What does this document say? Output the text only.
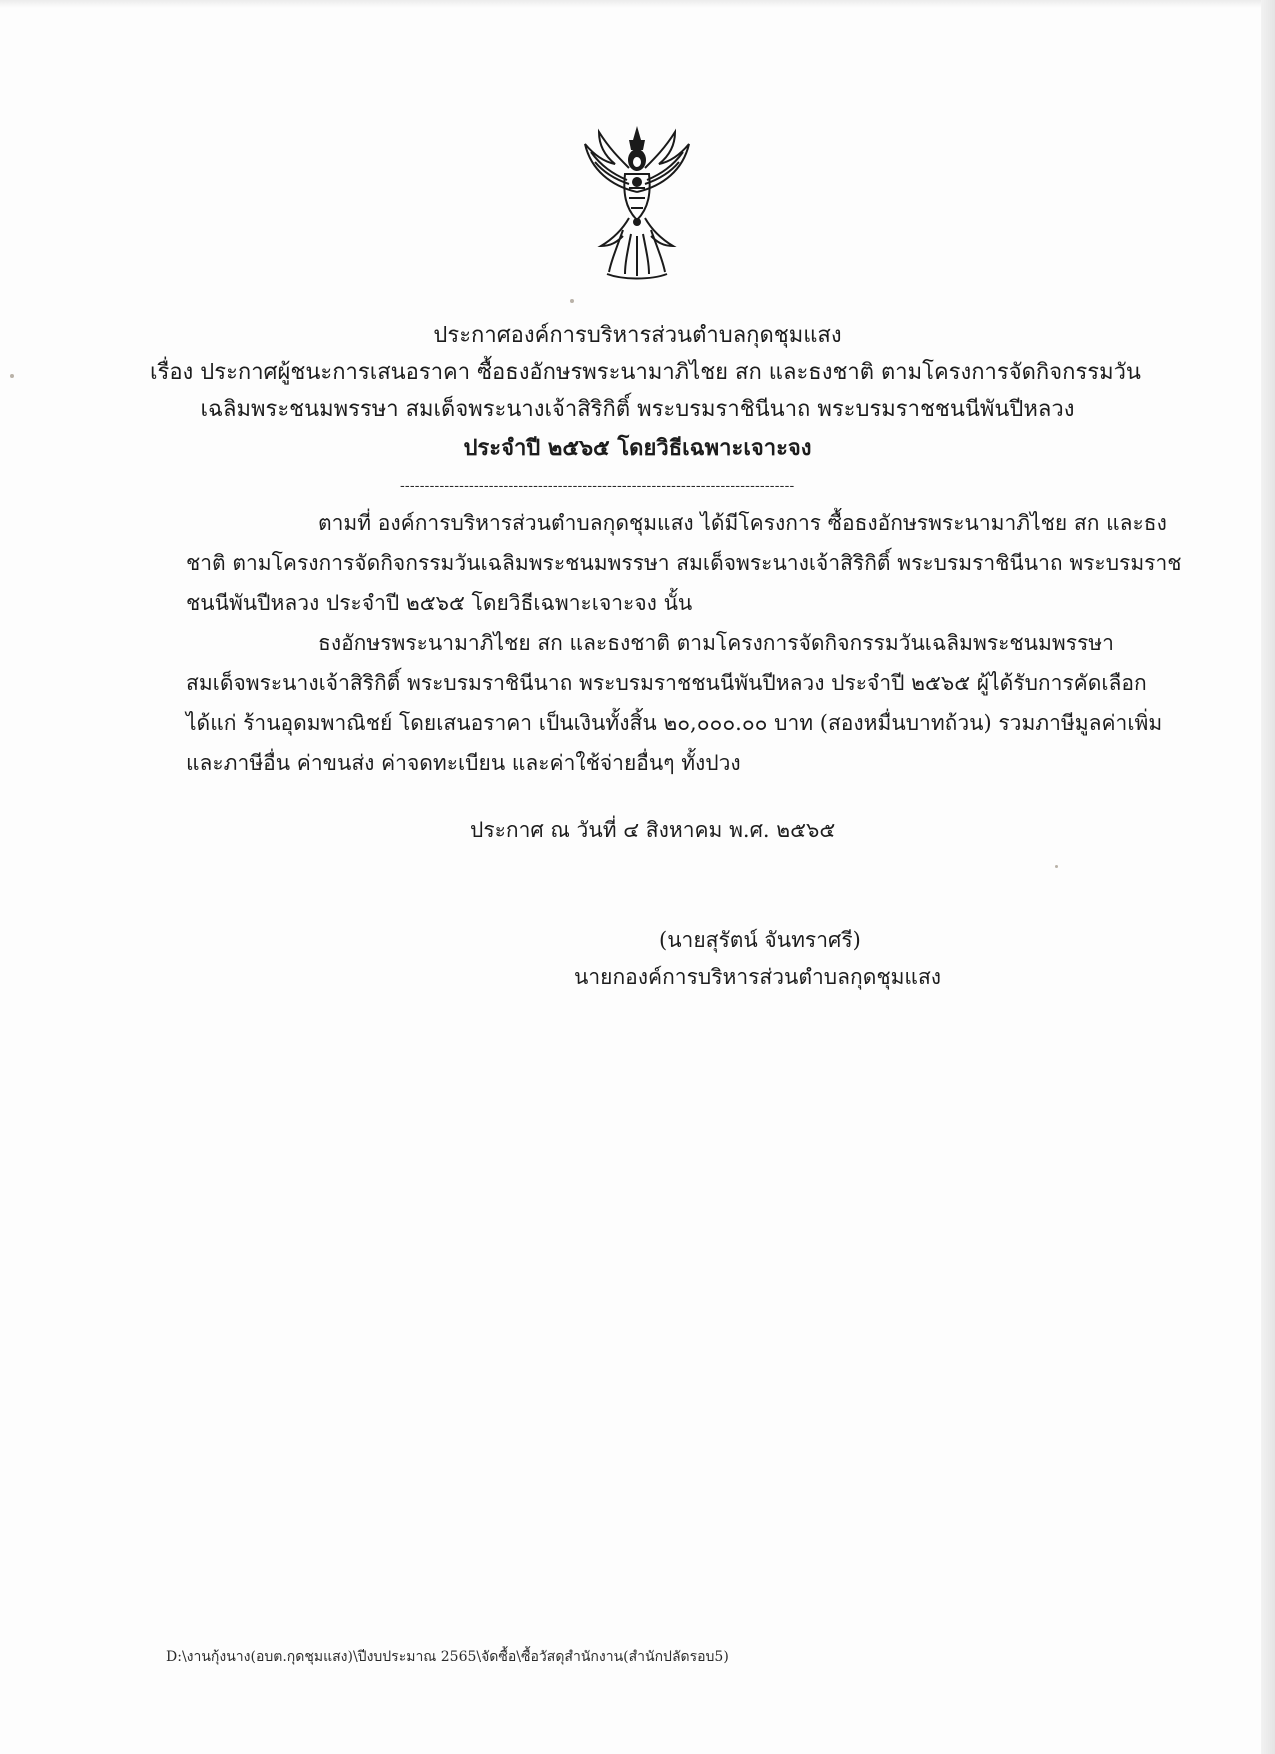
ประกาศองค์การบริหารส่วนตำบลกุดชุมแสง

เรื่อง ประกาศผู้ชนะการเสนอราคา ซื้อธงอักษรพระนามาภิไชย สก และธงชาติ ตามโครงการจัดกิจกรรมวัน

เฉลิมพระชนมพรรษา สมเด็จพระนางเจ้าสิริกิติ์ พระบรมราชินีนาถ พระบรมราชชนนีพันปีหลวง

ประจำปี ๒๕๖๕ โดยวิธีเฉพาะเจาะจง

--------------------------------------------------------------------------------
ตามที่ องค์การบริหารส่วนตำบลกุดชุมแสง ได้มีโครงการ ซื้อธงอักษรพระนามาภิไชย สก และธง
ชาติ ตามโครงการจัดกิจกรรมวันเฉลิมพระชนมพรรษา สมเด็จพระนางเจ้าสิริกิติ์ พระบรมราชินีนาถ พระบรมราช
ชนนีพันปีหลวง ประจำปี ๒๕๖๕ โดยวิธีเฉพาะเจาะจง นั้น
ธงอักษรพระนามาภิไชย สก และธงชาติ ตามโครงการจัดกิจกรรมวันเฉลิมพระชนมพรรษา
สมเด็จพระนางเจ้าสิริกิติ์ พระบรมราชินีนาถ พระบรมราชชนนีพันปีหลวง ประจำปี ๒๕๖๕ ผู้ได้รับการคัดเลือก
ได้แก่ ร้านอุดมพาณิชย์ โดยเสนอราคา เป็นเงินทั้งสิ้น ๒๐,๐๐๐.๐๐ บาท (สองหมื่นบาทถ้วน) รวมภาษีมูลค่าเพิ่ม
และภาษีอื่น ค่าขนส่ง ค่าจดทะเบียน และค่าใช้จ่ายอื่นๆ ทั้งปวง
ประกาศ ณ วันที่ ๔ สิงหาคม พ.ศ. ๒๕๖๕
(นายสุรัตน์ จันทราศรี)
นายกองค์การบริหารส่วนตำบลกุดชุมแสง
D:\งานกุ้งนาง(อบต.กุดชุมแสง)\ปีงบประมาณ 2565\จัดซื้อ\ซื้อวัสดุสำนักงาน(สำนักปลัดรอบ5)
